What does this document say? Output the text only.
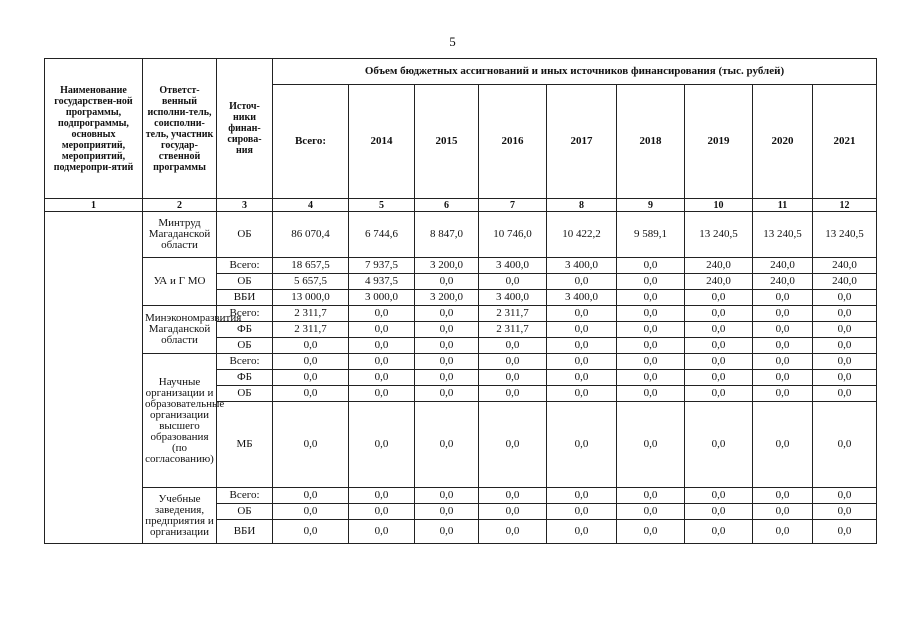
5
Наименование государствен-ной программы, подпрограммы, основных мероприятий, мероприятий, подмеропри-ятий	Ответст-венный исполни-тель, соисполни-тель, участник государ-ственной программы	Источ-ники финан-сирова-ния	Объем бюджетных ассигнований и иных источников финансирования (тыс. рублей)								
			Всего:	2014	2015	2016	2017	2018	2019	2020	2021
1	2	3	4	5	6	7	8	9	10	11	12
	Минтруд Магаданской области	ОБ	86 070,4	6 744,6	8 847,0	10 746,0	10 422,2	9 589,1	13 240,5	13 240,5	13 240,5
	УА и Г МО	Всего:	18 657,5	7 937,5	3 200,0	3 400,0	3 400,0	0,0	240,0	240,0	240,0
		ОБ	5 657,5	4 937,5	0,0	0,0	0,0	0,0	240,0	240,0	240,0
		ВБИ	13 000,0	3 000,0	3 200,0	3 400,0	3 400,0	0,0	0,0	0,0	0,0
	Минэкономразвития Магаданской области	Всего:	2 311,7	0,0	0,0	2 311,7	0,0	0,0	0,0	0,0	0,0
		ФБ	2 311,7	0,0	0,0	2 311,7	0,0	0,0	0,0	0,0	0,0
		ОБ	0,0	0,0	0,0	0,0	0,0	0,0	0,0	0,0	0,0
	Научные организации и образовательные организации высшего образования (по согласованию)	Всего:	0,0	0,0	0,0	0,0	0,0	0,0	0,0	0,0	0,0
		ФБ	0,0	0,0	0,0	0,0	0,0	0,0	0,0	0,0	0,0
		ОБ	0,0	0,0	0,0	0,0	0,0	0,0	0,0	0,0	0,0
		МБ	0,0	0,0	0,0	0,0	0,0	0,0	0,0	0,0	0,0
	Учебные заведения, предприятия и организации	Всего:	0,0	0,0	0,0	0,0	0,0	0,0	0,0	0,0	0,0
		ОБ	0,0	0,0	0,0	0,0	0,0	0,0	0,0	0,0	0,0
		ВБИ	0,0	0,0	0,0	0,0	0,0	0,0	0,0	0,0	0,0
